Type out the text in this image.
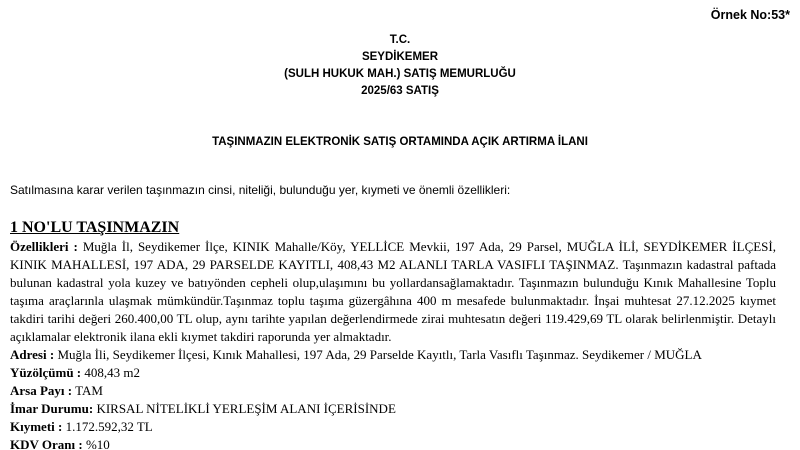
Örnek No:53*
T.C.
SEYDİKEMER
(SULH HUKUK MAH.) SATIŞ MEMURLUĞU
2025/63 SATIŞ
TAŞINMAZIN ELEKTRONİK SATIŞ ORTAMINDA AÇIK ARTIRMA İLANI
Satılmasına karar verilen taşınmazın cinsi, niteliği, bulunduğu yer, kıymeti ve önemli özellikleri:

1 NO'LU TAŞINMAZIN

Özellikleri : Muğla İl, Seydikemer İlçe, KINIK Mahalle/Köy, YELLİCE Mevkii, 197 Ada, 29 Parsel, MUĞLA İLİ, SEYDİKEMER İLÇESİ, KINIK MAHALLESİ, 197 ADA, 29 PARSELDE KAYITLI, 408,43 M2 ALANLI TARLA VASIFLI TAŞINMAZ. Taşınmazın kadastral paftada bulunan kadastral yola kuzey ve batıyönden cepheli olup,ulaşımını bu yollardansağlamaktadır. Taşınmazın bulunduğu Kınık Mahallesine Toplu taşıma araçlarınla ulaşmak mümkündür.Taşınmaz toplu taşıma güzergâhına 400 m mesafede bulunmaktadır. İnşai muhtesat 27.12.2025 kıymet takdiri tarihi değeri 260.400,00 TL olup, aynı tarihte yapılan değerlendirmede zirai muhtesatın değeri 119.429,69 TL olarak belirlenmiştir. Detaylı açıklamalar elektronik ilana ekli kıymet takdiri raporunda yer almaktadır.

Adresi : Muğla İli, Seydikemer İlçesi, Kınık Mahallesi, 197 Ada, 29 Parselde Kayıtlı, Tarla Vasıflı Taşınmaz. Seydikemer / MUĞLA

Yüzölçümü : 408,43 m2

Arsa Payı : TAM

İmar Durumu: KIRSAL NİTELİKLİ YERLEŞİM ALANI İÇERİSİNDE

Kıymeti : 1.172.592,32 TL

KDV Oranı : %10
